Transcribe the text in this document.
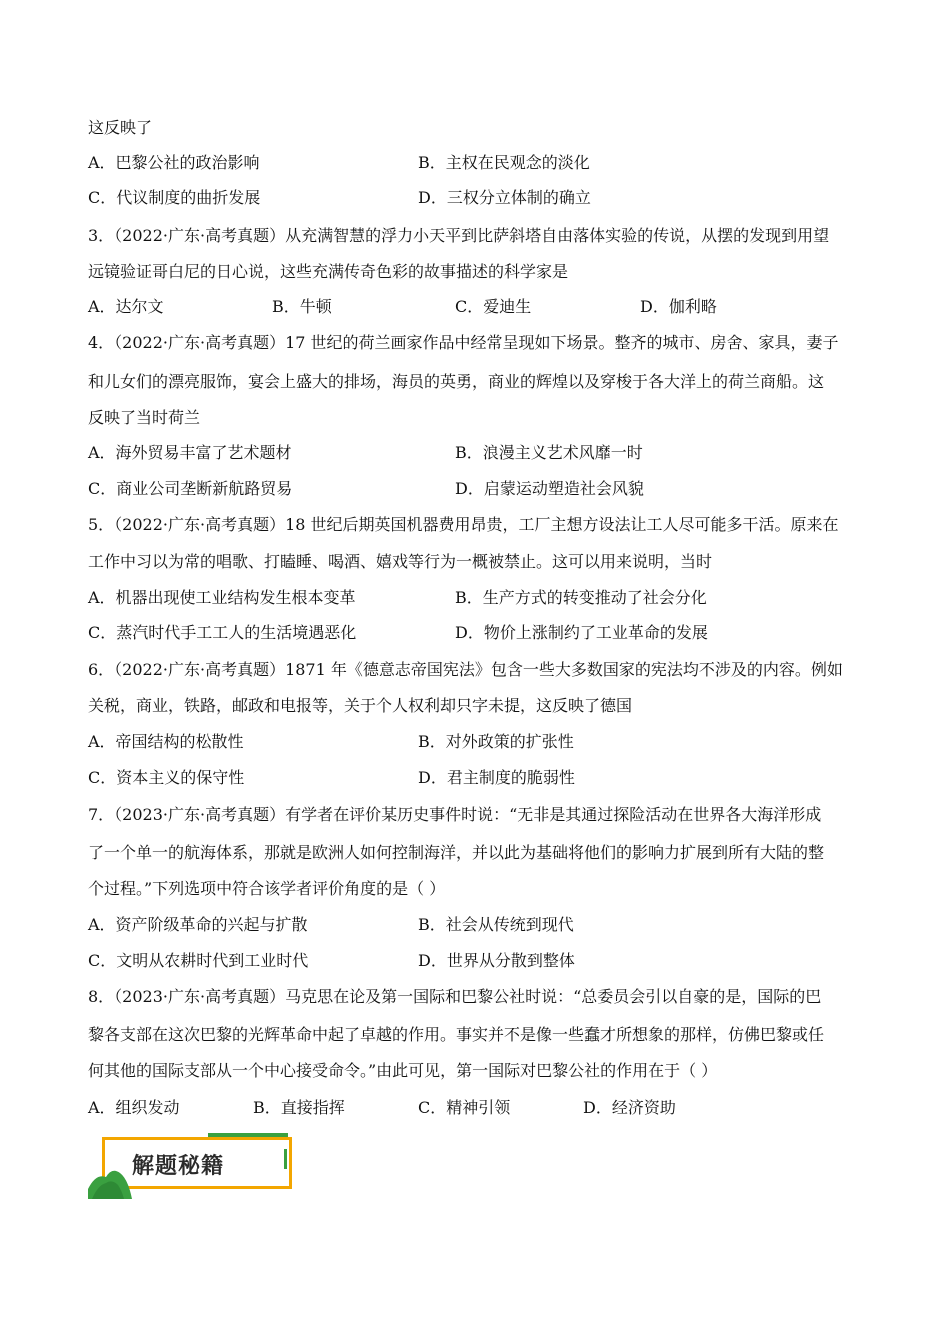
这反映了
A．巴黎公社的政治影响	B．主权在民观念的淡化
C．代议制度的曲折发展	D．三权分立体制的确立
3．（2022·广东·高考真题）从充满智慧的浮力小天平到比萨斜塔自由落体实验的传说，从摆的发现到用望
远镜验证哥白尼的日心说，这些充满传奇色彩的故事描述的科学家是
A．达尔文	B．牛顿	C．爱迪生	D．伽利略
4．（2022·广东·高考真题）17 世纪的荷兰画家作品中经常呈现如下场景。整齐的城市、房舍、家具，妻子
和儿女们的漂亮服饰，宴会上盛大的排场，海员的英勇，商业的辉煌以及穿梭于各大洋上的荷兰商船。这
反映了当时荷兰
A．海外贸易丰富了艺术题材	B．浪漫主义艺术风靡一时
C．商业公司垄断新航路贸易	D．启蒙运动塑造社会风貌
5．（2022·广东·高考真题）18 世纪后期英国机器费用昂贵，工厂主想方设法让工人尽可能多干活。原来在
工作中习以为常的唱歌、打瞌睡、喝酒、嬉戏等行为一概被禁止。这可以用来说明，当时
A．机器出现使工业结构发生根本变革	B．生产方式的转变推动了社会分化
C．蒸汽时代手工工人的生活境遇恶化	D．物价上涨制约了工业革命的发展
6．（2022·广东·高考真题）1871 年《德意志帝国宪法》包含一些大多数国家的宪法均不涉及的内容。例如
关税，商业，铁路，邮政和电报等，关于个人权利却只字未提，这反映了德国
A．帝国结构的松散性	B．对外政策的扩张性
C．资本主义的保守性	D．君主制度的脆弱性
7．（2023·广东·高考真题）有学者在评价某历史事件时说：“无非是其通过探险活动在世界各大海洋形成
了一个单一的航海体系，那就是欧洲人如何控制海洋，并以此为基础将他们的影响力扩展到所有大陆的整
个过程。”下列选项中符合该学者评价角度的是（ ）
A．资产阶级革命的兴起与扩散	B．社会从传统到现代
C．文明从农耕时代到工业时代	D．世界从分散到整体
8．（2023·广东·高考真题）马克思在论及第一国际和巴黎公社时说：“总委员会引以自豪的是，国际的巴
黎各支部在这次巴黎的光辉革命中起了卓越的作用。事实并不是像一些蠢才所想象的那样，仿佛巴黎或任
何其他的国际支部从一个中心接受命令。”由此可见，第一国际对巴黎公社的作用在于（ ）
A．组织发动	B．直接指挥	C．精神引领	D．经济资助
解题秘籍
